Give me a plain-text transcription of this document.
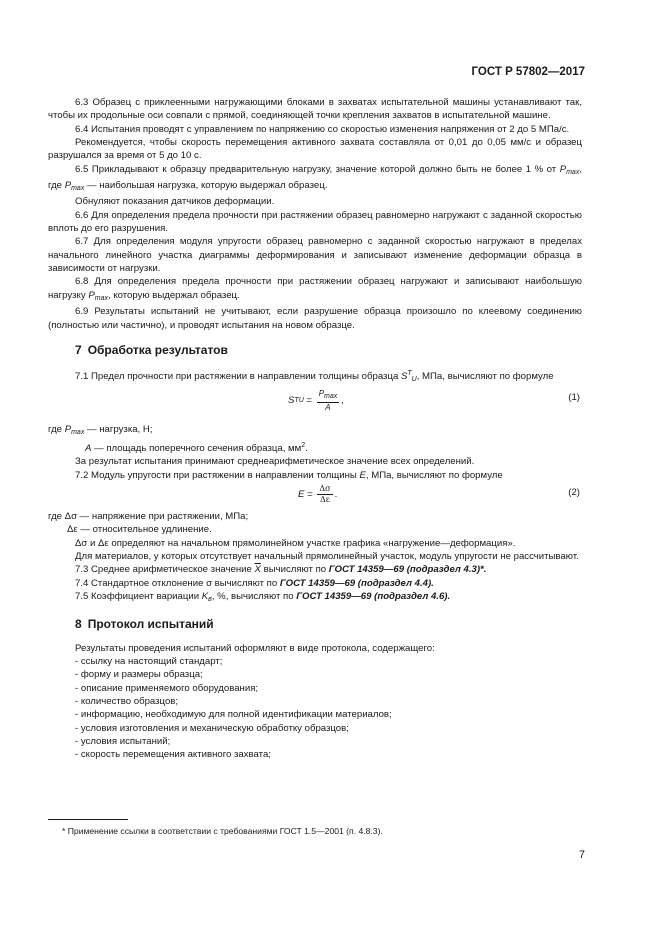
ГОСТ Р 57802—2017

6.3 Образец с приклеенными нагружающими блоками в захватах испытательной машины устанавливают так, чтобы их продольные оси совпали с прямой, соединяющей точки крепления захватов в испытательной машине.

6.4 Испытания проводят с управлением по напряжению со скоростью изменения напряжения от 2 до 5 МПа/с.

Рекомендуется, чтобы скорость перемещения активного захвата составляла от 0,01 до 0,05 мм/с и образец разрушался за время от 5 до 10 с.

6.5 Прикладывают к образцу предварительную нагрузку, значение которой должно быть не более 1 % от $P_{max}$, где $P_{max}$ — наибольшая нагрузка, которую выдержал образец.

Обнуляют показания датчиков деформации.

6.6 Для определения предела прочности при растяжении образец равномерно нагружают с заданной скоростью вплоть до его разрушения.

6.7 Для определения модуля упругости образец равномерно с заданной скоростью нагружают в пределах начального линейного участка диаграммы деформирования и записывают изменение деформации образца в зависимости от нагрузки.

6.8 Для определения предела прочности при растяжении образец нагружают и записывают наибольшую нагрузку $P_{max}$, которую выдержал образец.

6.9 Результаты испытаний не учитывают, если разрушение образца произошло по клеевому соединению (полностью или частично), и проводят испытания на новом образце.

7 Обработка результатов

7.1 Предел прочности при растяжении в направлении толщины образца $S^T_U$, МПа, вычисляют по формуле

S T $U = \frac{Pmax}{A}$ ,	(1)

где $P_{max}$ — нагрузка, Н;

A — площадь поперечного сечения образца, $мм^2$.

За результат испытания принимают среднеарифметическое значение всех определений.

7.2 Модуль упругости при растяжении в направлении толщины E, МПа, вычисляют по формуле

$E = \frac{\Delta\sigma}{\Delta\varepsilon}$ .	(2)

где Δσ — напряжение при растяжении, МПа;

Δε — относительное удлинение.

Δσ и Δε определяют на начальном прямолинейном участке графика «нагружение—деформация».

Для материалов, у которых отсутствует начальный прямолинейный участок, модуль упругости не рассчитывают.

7.3 Среднее арифметическое значение $\overline{X}$ вычисляют по ГОСТ 14359—69 (подраздел 4.3)*.

7.4 Стандартное отклонение σ вычисляют по ГОСТ 14359—69 (подраздел 4.4).

7.5 Коэффициент вариации $K_в$, %, вычисляют по ГОСТ 14359—69 (подраздел 4.6).

8 Протокол испытаний

Результаты проведения испытаний оформляют в виде протокола, содержащего:

- ссылку на настоящий стандарт;
- форму и размеры образца;
- описание применяемого оборудования;
- количество образцов;
- информацию, необходимую для полной идентификации материалов;
- условия изготовления и механическую обработку образцов;
- условия испытаний;
- скорость перемещения активного захвата;
* Применение ссылки в соответствии с требованиями ГОСТ 1.5—2001 (п. 4.8.3).
7
